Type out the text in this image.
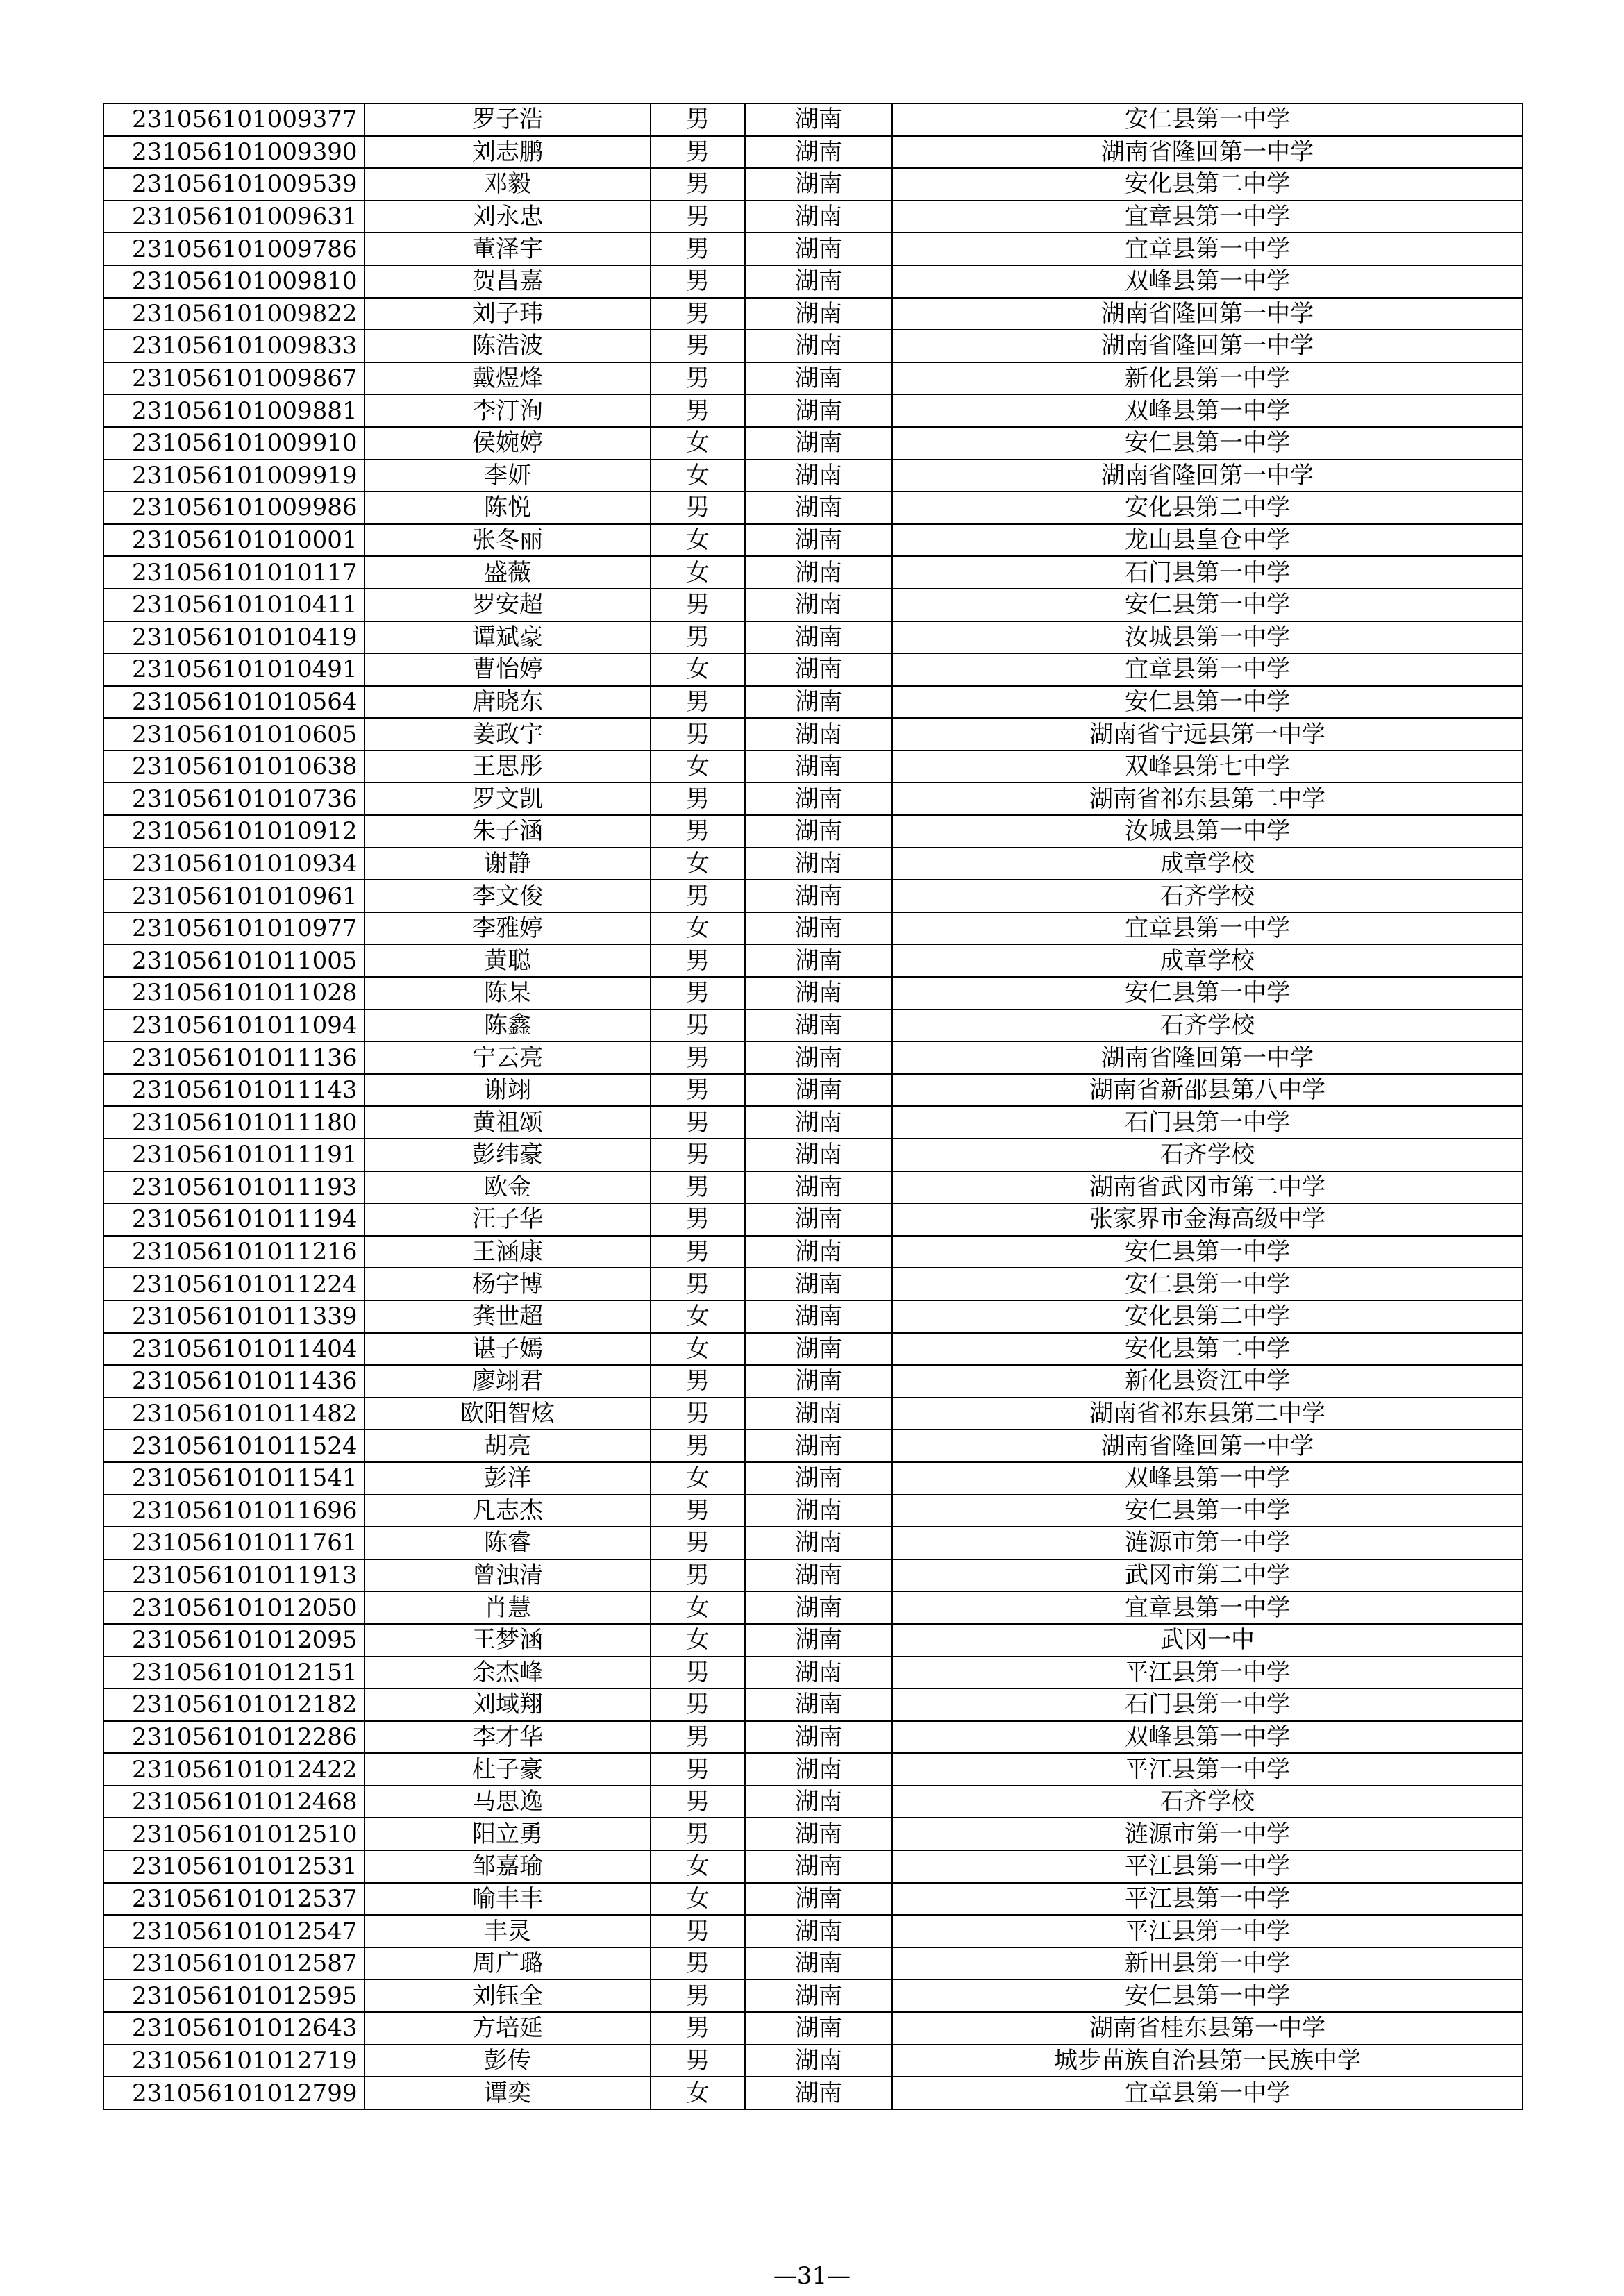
231056101009377	罗子浩	男	湖南	安仁县第一中学
231056101009390	刘志鹏	男	湖南	湖南省隆回第一中学
231056101009539	邓毅	男	湖南	安化县第二中学
231056101009631	刘永忠	男	湖南	宜章县第一中学
231056101009786	董泽宇	男	湖南	宜章县第一中学
231056101009810	贺昌嘉	男	湖南	双峰县第一中学
231056101009822	刘子玮	男	湖南	湖南省隆回第一中学
231056101009833	陈浩波	男	湖南	湖南省隆回第一中学
231056101009867	戴煜烽	男	湖南	新化县第一中学
231056101009881	李汀洵	男	湖南	双峰县第一中学
231056101009910	侯婉婷	女	湖南	安仁县第一中学
231056101009919	李妍	女	湖南	湖南省隆回第一中学
231056101009986	陈悦	男	湖南	安化县第二中学
231056101010001	张冬丽	女	湖南	龙山县皇仓中学
231056101010117	盛薇	女	湖南	石门县第一中学
231056101010411	罗安超	男	湖南	安仁县第一中学
231056101010419	谭斌豪	男	湖南	汝城县第一中学
231056101010491	曹怡婷	女	湖南	宜章县第一中学
231056101010564	唐晓东	男	湖南	安仁县第一中学
231056101010605	姜政宇	男	湖南	湖南省宁远县第一中学
231056101010638	王思彤	女	湖南	双峰县第七中学
231056101010736	罗文凯	男	湖南	湖南省祁东县第二中学
231056101010912	朱子涵	男	湖南	汝城县第一中学
231056101010934	谢静	女	湖南	成章学校
231056101010961	李文俊	男	湖南	石齐学校
231056101010977	李雅婷	女	湖南	宜章县第一中学
231056101011005	黄聪	男	湖南	成章学校
231056101011028	陈杲	男	湖南	安仁县第一中学
231056101011094	陈鑫	男	湖南	石齐学校
231056101011136	宁云亮	男	湖南	湖南省隆回第一中学
231056101011143	谢翊	男	湖南	湖南省新邵县第八中学
231056101011180	黄祖颂	男	湖南	石门县第一中学
231056101011191	彭纬豪	男	湖南	石齐学校
231056101011193	欧金	男	湖南	湖南省武冈市第二中学
231056101011194	汪子华	男	湖南	张家界市金海高级中学
231056101011216	王涵康	男	湖南	安仁县第一中学
231056101011224	杨宇博	男	湖南	安仁县第一中学
231056101011339	龚世超	女	湖南	安化县第二中学
231056101011404	谌子嫣	女	湖南	安化县第二中学
231056101011436	廖翊君	男	湖南	新化县资江中学
231056101011482	欧阳智炫	男	湖南	湖南省祁东县第二中学
231056101011524	胡亮	男	湖南	湖南省隆回第一中学
231056101011541	彭洋	女	湖南	双峰县第一中学
231056101011696	凡志杰	男	湖南	安仁县第一中学
231056101011761	陈睿	男	湖南	涟源市第一中学
231056101011913	曾浊清	男	湖南	武冈市第二中学
231056101012050	肖慧	女	湖南	宜章县第一中学
231056101012095	王梦涵	女	湖南	武冈一中
231056101012151	余杰峰	男	湖南	平江县第一中学
231056101012182	刘域翔	男	湖南	石门县第一中学
231056101012286	李才华	男	湖南	双峰县第一中学
231056101012422	杜子豪	男	湖南	平江县第一中学
231056101012468	马思逸	男	湖南	石齐学校
231056101012510	阳立勇	男	湖南	涟源市第一中学
231056101012531	邹嘉瑜	女	湖南	平江县第一中学
231056101012537	喻丰丰	女	湖南	平江县第一中学
231056101012547	丰灵	男	湖南	平江县第一中学
231056101012587	周广璐	男	湖南	新田县第一中学
231056101012595	刘钰全	男	湖南	安仁县第一中学
231056101012643	方培延	男	湖南	湖南省桂东县第一中学
231056101012719	彭传	男	湖南	城步苗族自治县第一民族中学
231056101012799	谭奕	女	湖南	宜章县第一中学
—31—
